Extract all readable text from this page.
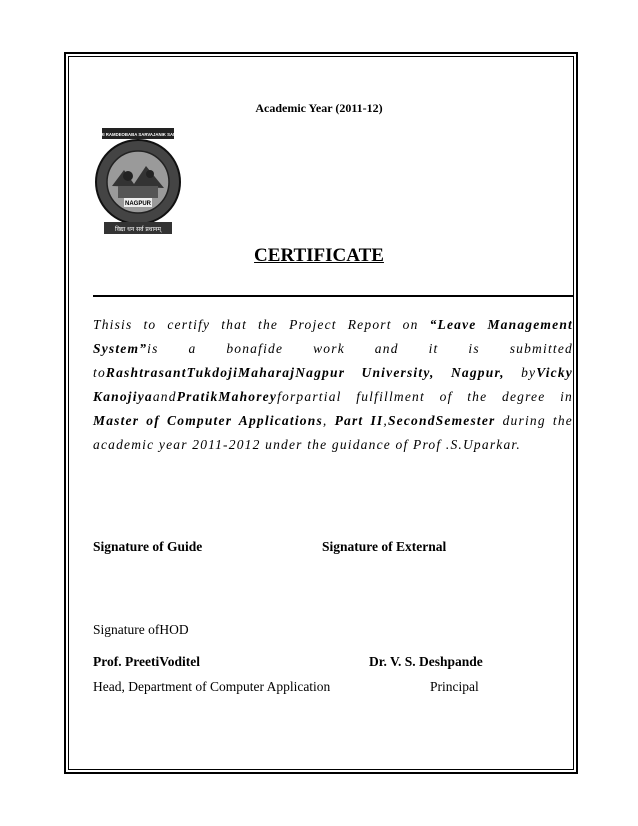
Academic Year (2011-12)
SHRI RAMDEOBABA SARVAJANIK SAMITI
NAGPUR
विद्या धन सर्व प्रधानम्
CERTIFICATE
Thisis to certify that the Project Report on “Leave Management System”is a bonafide work and it is submitted toRashtrasantTukdojiMaharajNagpur University, Nagpur, byVicky KanojiyaandPratikMahoreyforpartial fulfillment of the degree in Master of Computer Applications, Part II,SecondSemester during the academic year 2011-2012 under the guidance of Prof .S.Uparkar.
Signature of Guide	Signature of External
Signature ofHOD
Prof. PreetiVoditel	Dr. V. S. Deshpande
Head, Department of Computer Application	Principal
